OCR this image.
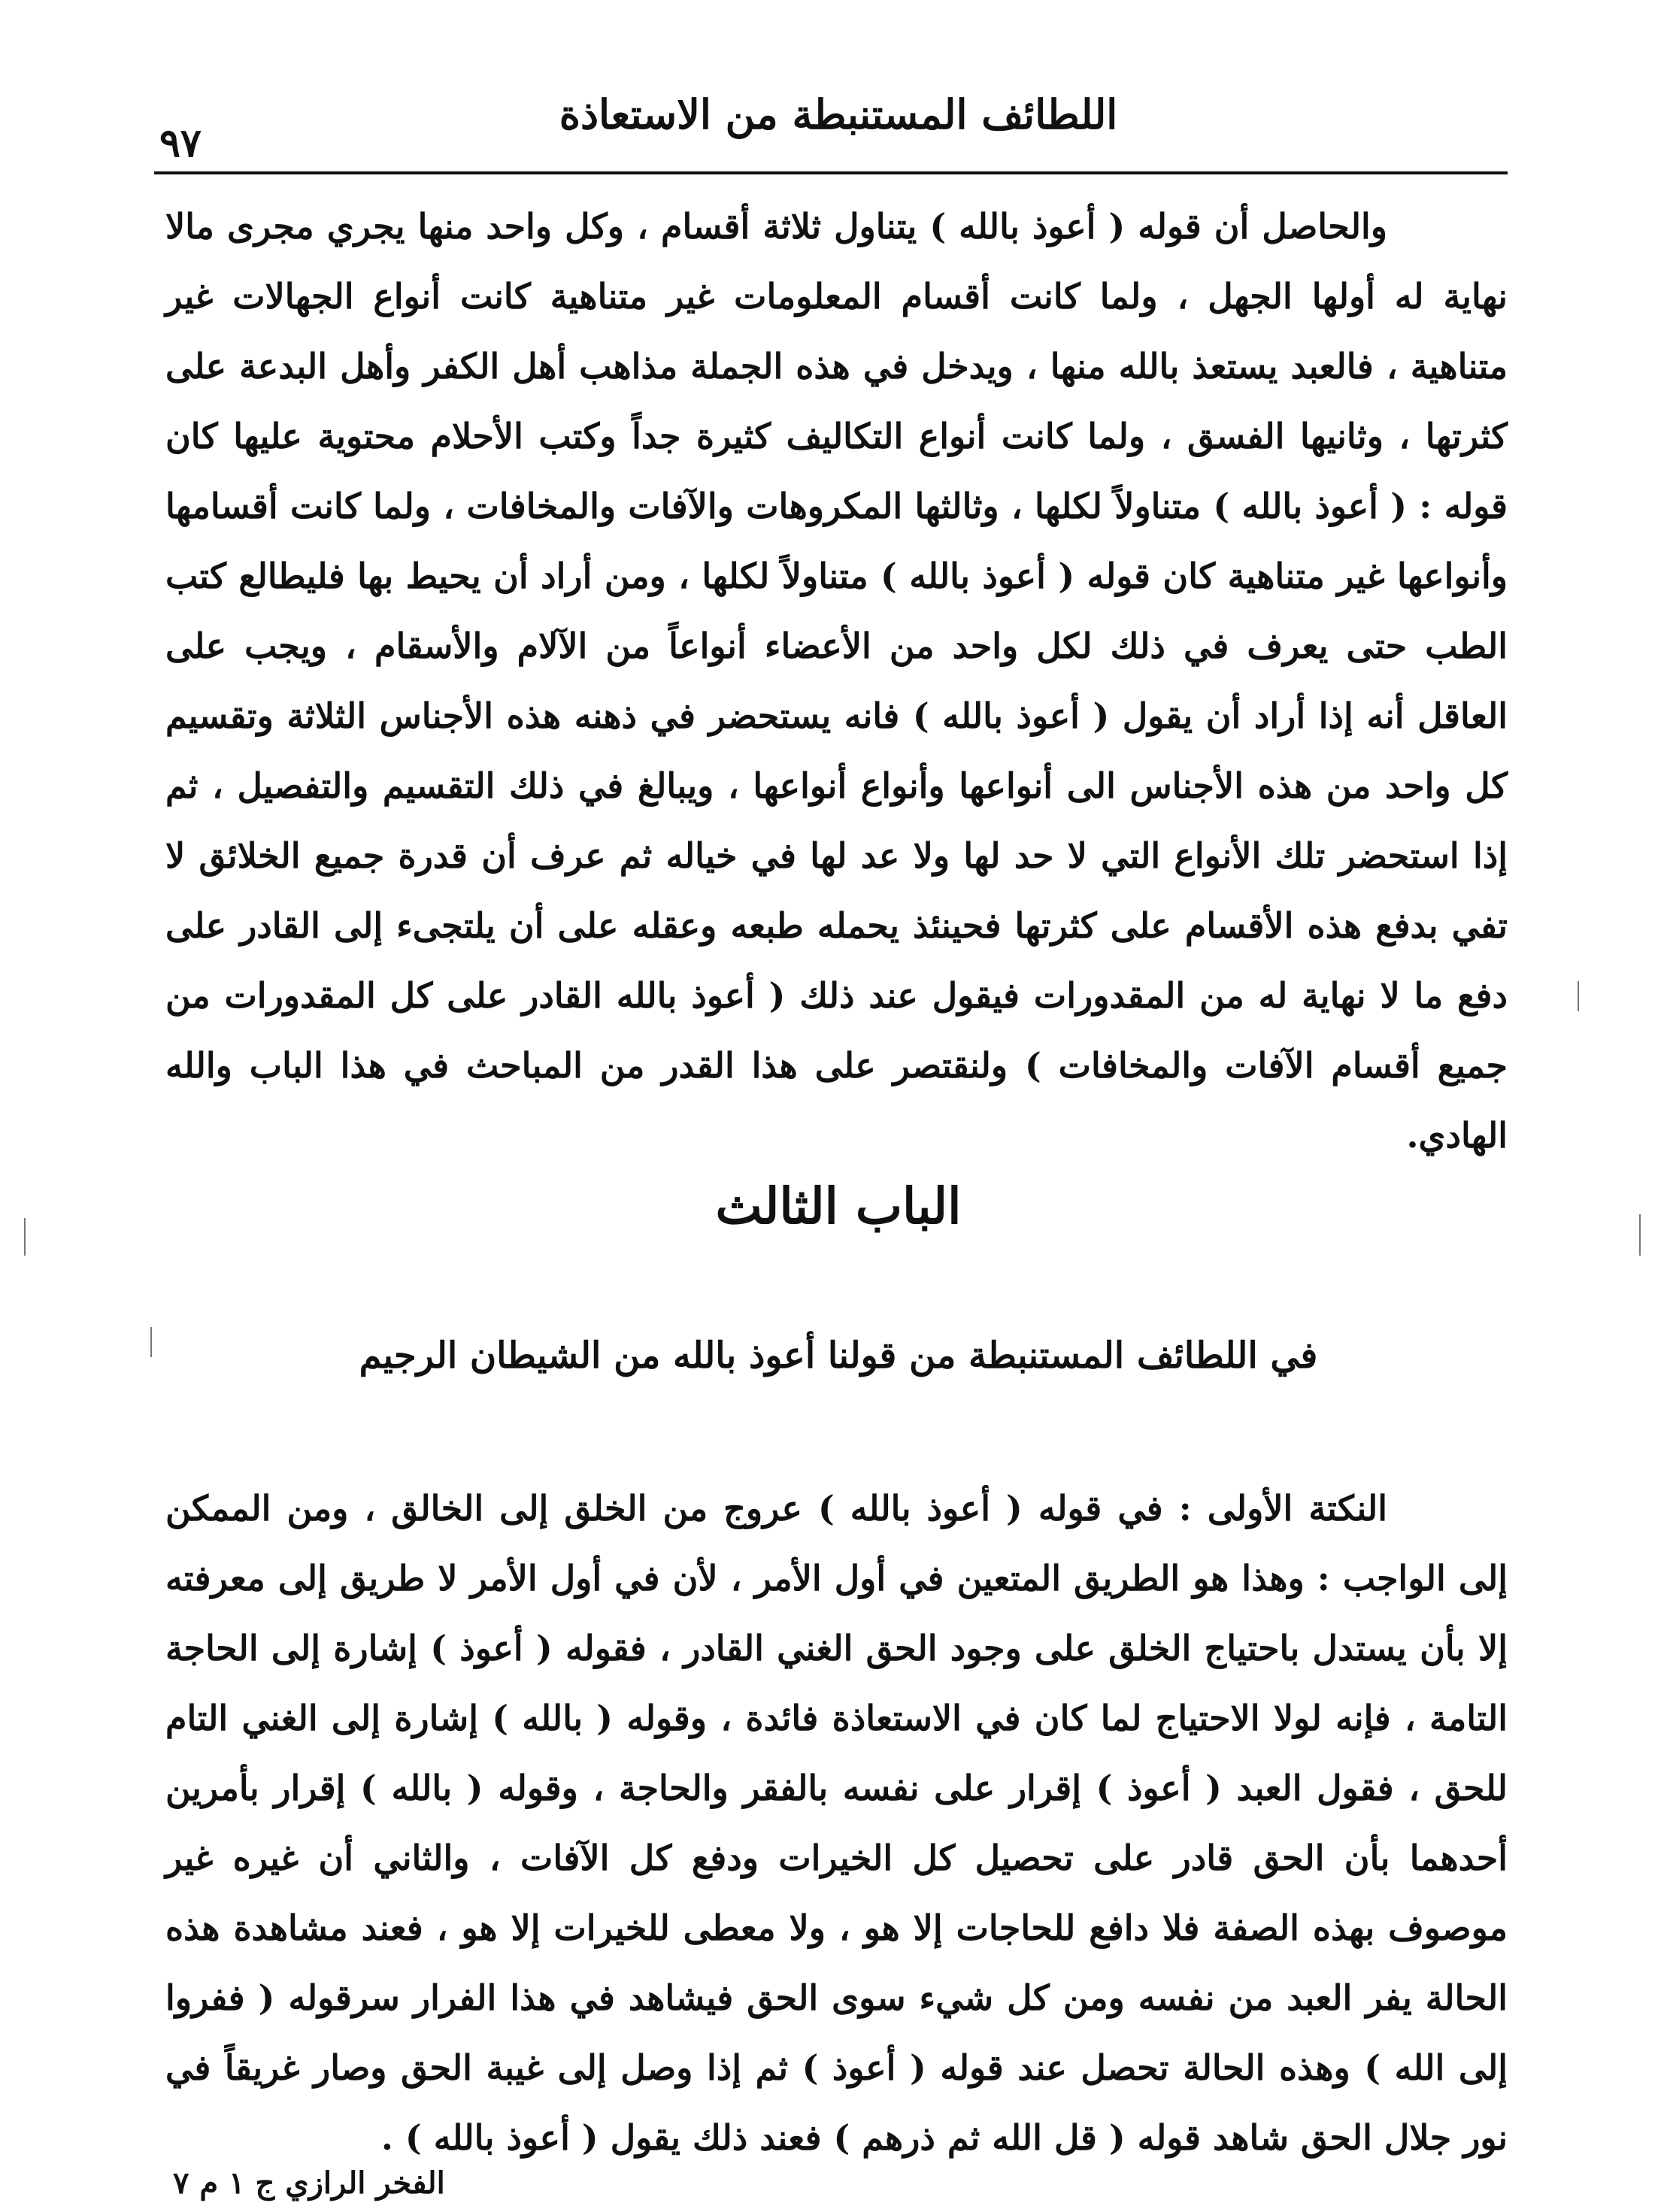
اللطائف المستنبطة من الاستعاذة
٩٧
والحاصل أن قوله ( أعوذ بالله ) يتناول ثلاثة أقسام ، وكل واحد منها يجري مجرى مالا نهاية له أولها الجهل ، ولما كانت أقسام المعلومات غير متناهية كانت أنواع الجهالات غير متناهية ، فالعبد يستعذ بالله منها ، ويدخل في هذه الجملة مذاهب أهل الكفر وأهل البدعة على كثرتها ، وثانيها الفسق ، ولما كانت أنواع التكاليف كثيرة جداً وكتب الأحلام محتوية عليها كان قوله : ( أعوذ بالله ) متناولاً لكلها ، وثالثها المكروهات والآفات والمخافات ، ولما كانت أقسامها وأنواعها غير متناهية كان قوله ( أعوذ بالله ) متناولاً لكلها ، ومن أراد أن يحيط بها فليطالع كتب الطب حتى يعرف في ذلك لكل واحد من الأعضاء أنواعاً من الآلام والأسقام ، ويجب على العاقل أنه إذا أراد أن يقول ( أعوذ بالله ) فانه يستحضر في ذهنه هذه الأجناس الثلاثة وتقسيم كل واحد من هذه الأجناس الى أنواعها وأنواع أنواعها ، ويبالغ في ذلك التقسيم والتفصيل ، ثم إذا استحضر تلك الأنواع التي لا حد لها ولا عد لها في خياله ثم عرف أن قدرة جميع الخلائق لا تفي بدفع هذه الأقسام على كثرتها فحينئذ يحمله طبعه وعقله على أن يلتجىء إلى القادر على دفع ما لا نهاية له من المقدورات فيقول عند ذلك ( أعوذ بالله القادر على كل المقدورات من جميع أقسام الآفات والمخافات ) ولنقتصر على هذا القدر من المباحث في هذا الباب والله الهادي.
الباب الثالث
في اللطائف المستنبطة من قولنا أعوذ بالله من الشيطان الرجيم
النكتة الأولى : في قوله ( أعوذ بالله ) عروج من الخلق إلى الخالق ، ومن الممكن إلى الواجب : وهذا هو الطريق المتعين في أول الأمر ، لأن في أول الأمر لا طريق إلى معرفته إلا بأن يستدل باحتياج الخلق على وجود الحق الغني القادر ، فقوله ( أعوذ ) إشارة إلى الحاجة التامة ، فإنه لولا الاحتياج لما كان في الاستعاذة فائدة ، وقوله ( بالله ) إشارة إلى الغني التام للحق ، فقول العبد ( أعوذ ) إقرار على نفسه بالفقر والحاجة ، وقوله ( بالله ) إقرار بأمرين أحدهما بأن الحق قادر على تحصيل كل الخيرات ودفع كل الآفات ، والثاني أن غيره غير موصوف بهذه الصفة فلا دافع للحاجات إلا هو ، ولا معطى للخيرات إلا هو ، فعند مشاهدة هذه الحالة يفر العبد من نفسه ومن كل شيء سوى الحق فيشاهد في هذا الفرار سرقوله ( ففروا إلى الله ) وهذه الحالة تحصل عند قوله ( أعوذ ) ثم إذا وصل إلى غيبة الحق وصار غريقاً في نور جلال الحق شاهد قوله ( قل الله ثم ذرهم ) فعند ذلك يقول ( أعوذ بالله ) .
الفخر الرازي ج ١ م ٧
